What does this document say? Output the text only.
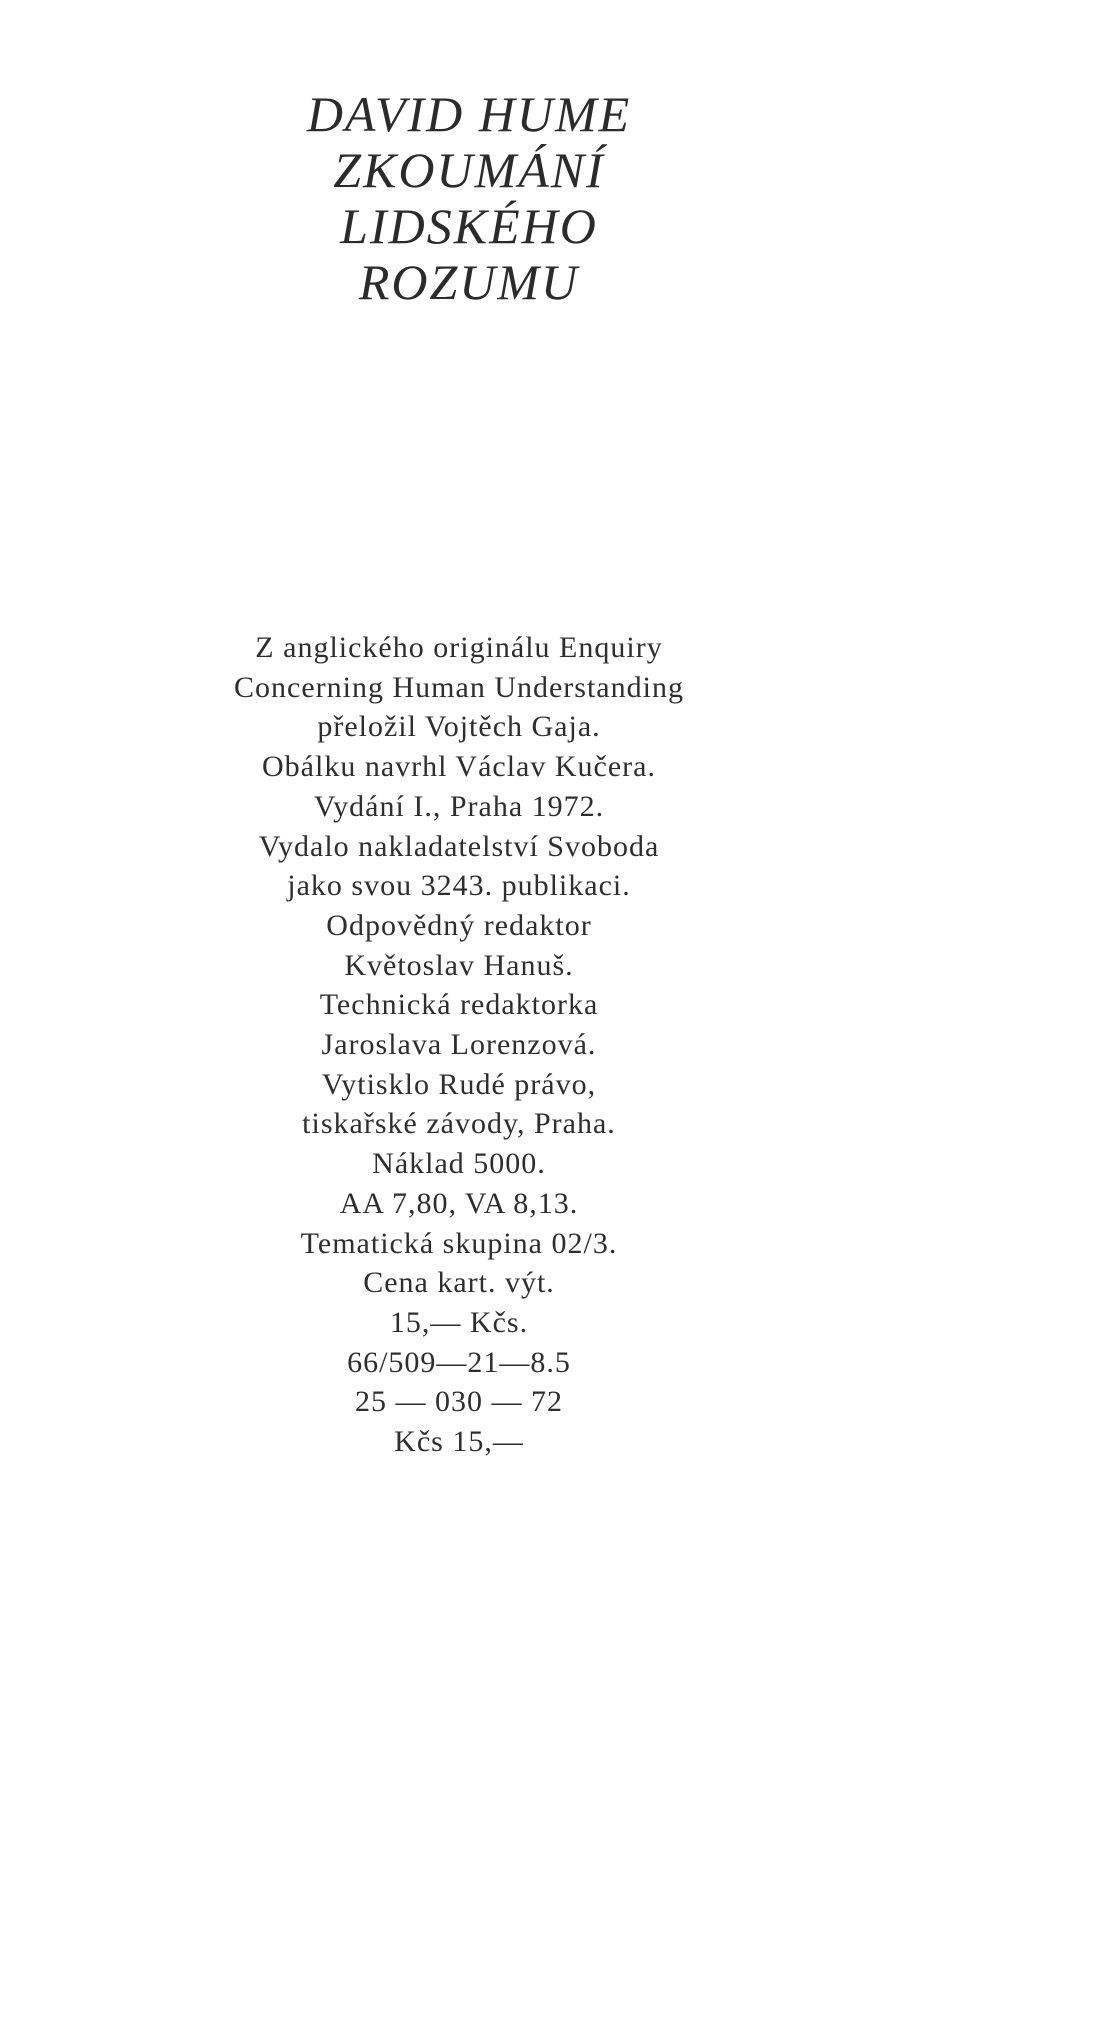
DAVID HUME
ZKOUMÁNÍ
LIDSKÉHO
ROZUMU
Z anglického originálu Enquiry
Concerning Human Understanding
přeložil Vojtěch Gaja.
Obálku navrhl Václav Kučera.
Vydání I., Praha 1972.
Vydalo nakladatelství Svoboda
jako svou 3243. publikaci.
Odpovědný redaktor
Květoslav Hanuš.
Technická redaktorka
Jaroslava Lorenzová.
Vytisklo Rudé právo,
tiskařské závody, Praha.
Náklad 5000.
AA 7,80, VA 8,13.
Tematická skupina 02/3.
Cena kart. výt.
15,— Kčs.
66/509—21—8.5
25 — 030 — 72
Kčs 15,—
